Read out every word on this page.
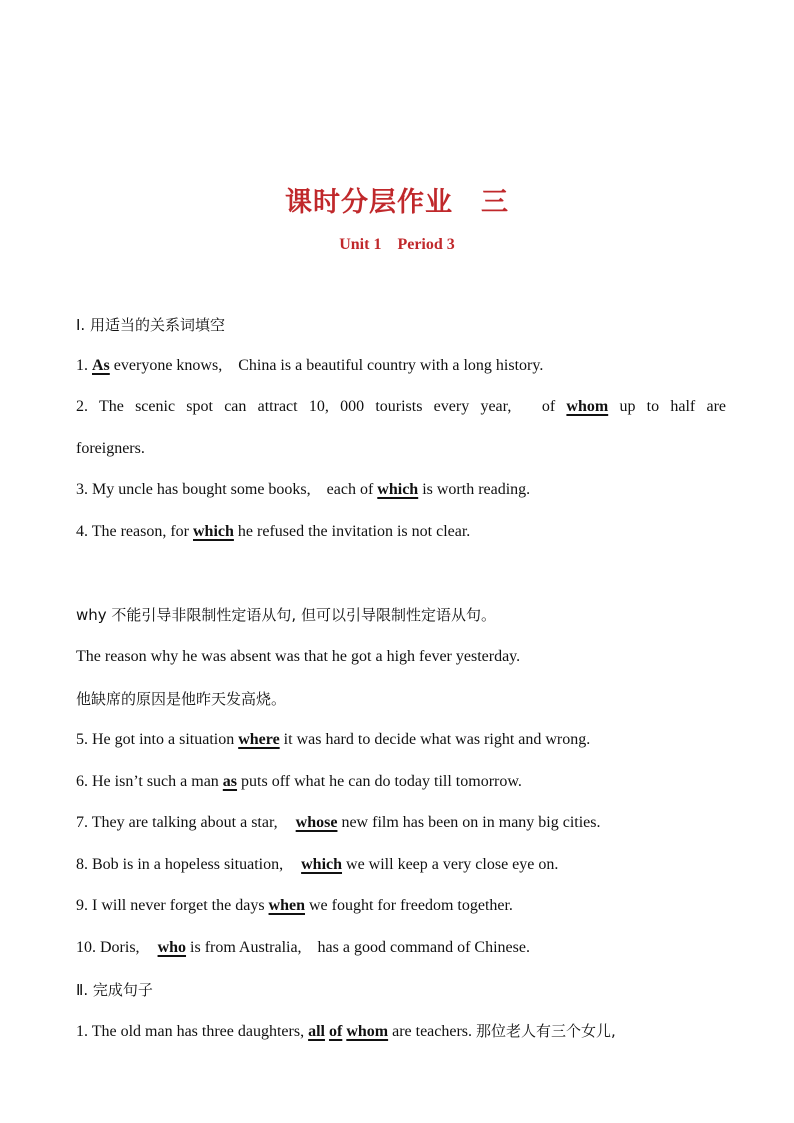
课时分层作业　三
Unit 1　Period 3
Ⅰ. 用适当的关系词填空
1. As everyone knows,　China is a beautiful country with a long history.
2. The scenic spot can attract 10, 000 tourists every year,　of whom up to half are
foreigners.
3. My uncle has bought some books,　each of which is worth reading.
4. The reason, for which he refused the invitation is not clear.
why 不能引导非限制性定语从句, 但可以引导限制性定语从句。
The reason why he was absent was that he got a high fever yesterday.
他缺席的原因是他昨天发高烧。
5. He got into a situation where it was hard to decide what was right and wrong.
6. He isn’t such a man as puts off what he can do today till tomorrow.
7. They are talking about a star, whose new film has been on in many big cities.
8. Bob is in a hopeless situation, which we will keep a very close eye on.
9. I will never forget the days when we fought for freedom together.
10. Doris, who is from Australia,　has a good command of Chinese.
Ⅱ. 完成句子
1. The old man has three daughters, all of whom are teachers. 那位老人有三个女儿,
